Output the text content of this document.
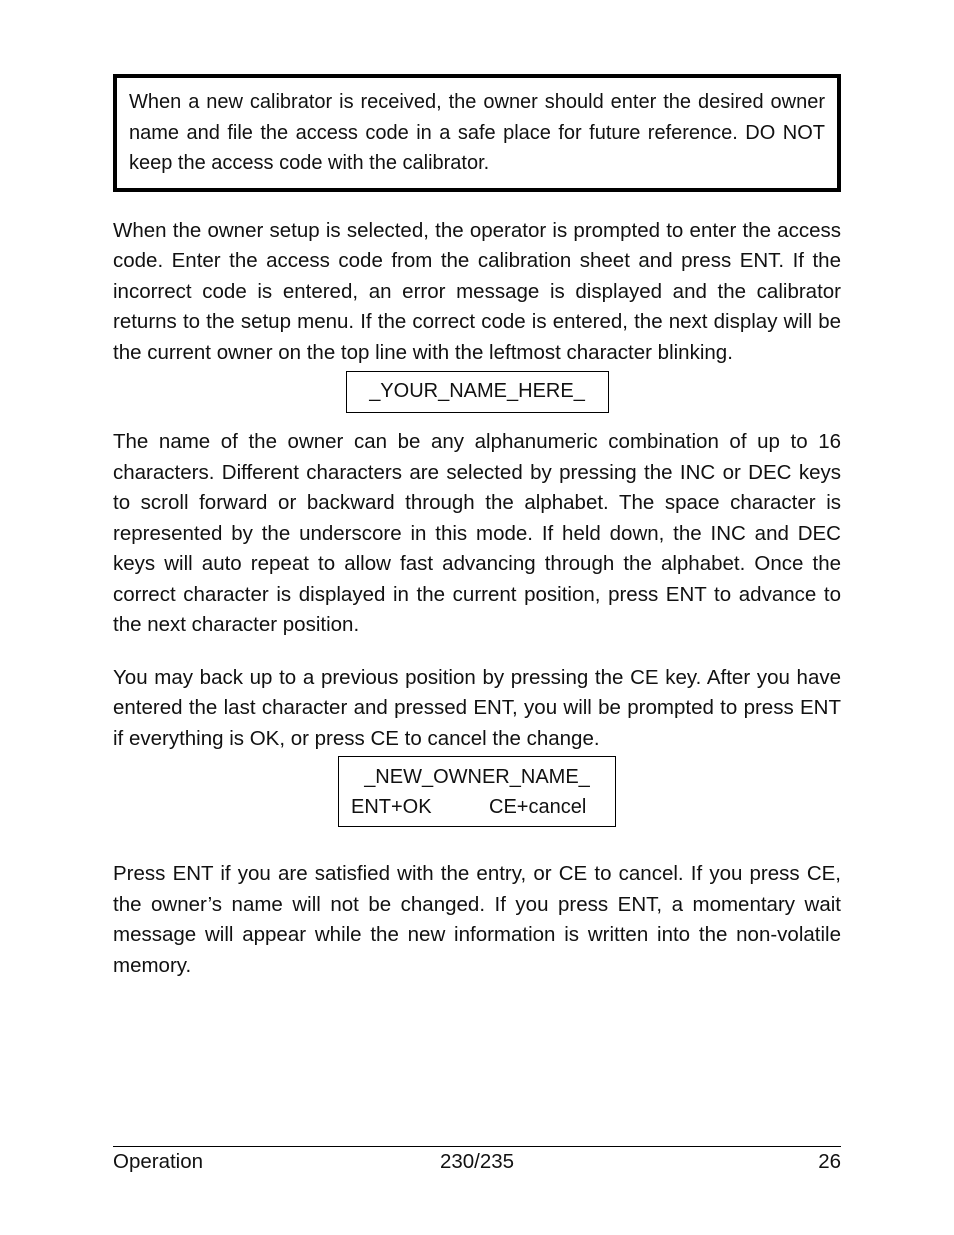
When a new calibrator is received, the owner should enter the desired owner name and file the access code in a safe place for future reference. DO NOT keep the access code with the calibrator.

When the owner setup is selected, the operator is prompted to enter the access code. Enter the access code from the calibration sheet and press ENT. If the incorrect code is entered, an error message is displayed and the calibrator returns to the setup menu. If the correct code is entered, the next display will be the current owner on the top line with the leftmost character blinking.

_YOUR_NAME_HERE_

The name of the owner can be any alphanumeric combination of up to 16 characters. Different characters are selected by pressing the INC or DEC keys to scroll forward or backward through the alphabet. The space character is represented by the underscore in this mode. If held down, the INC and DEC keys will auto repeat to allow fast advancing through the alphabet. Once the correct character is displayed in the current position, press ENT to advance to the next character position.

You may back up to a previous position by pressing the CE key. After you have entered the last character and pressed ENT, you will be prompted to press ENT if everything is OK, or press CE to cancel the change.

_NEW_OWNER_NAME_
ENT+OK	CE+cancel

Press ENT if you are satisfied with the entry, or CE to cancel. If you press CE, the owner’s name will not be changed. If you press ENT, a momentary wait message will appear while the new information is written into the non-volatile memory.

Operation	230/235	26
